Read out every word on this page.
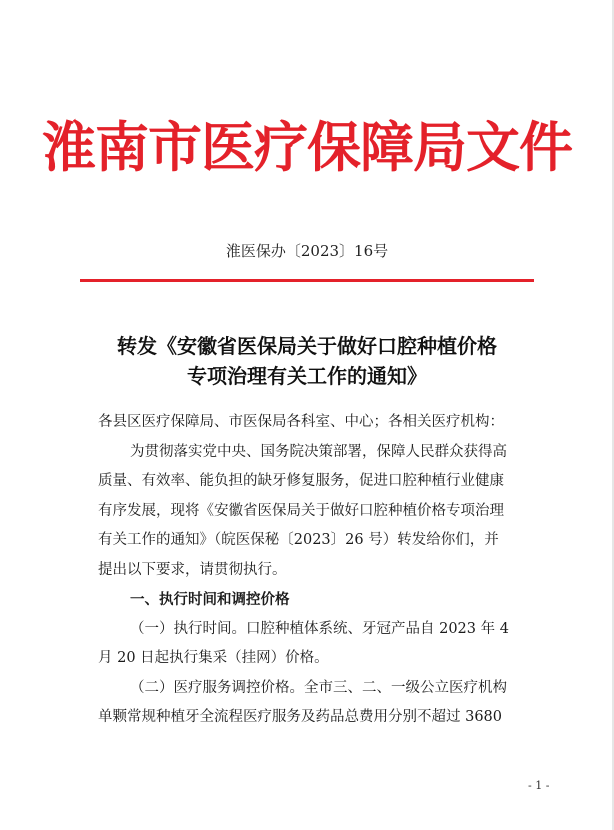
淮南市医疗保障局文件
淮医保办〔2023〕16号
转发《安徽省医保局关于做好口腔种植价格
专项治理有关工作的通知》

各县区医疗保障局、市医保局各科室、中心；各相关医疗机构：

为贯彻落实党中央、国务院决策部署，保障人民群众获得高

质量、有效率、能负担的缺牙修复服务，促进口腔种植行业健康

有序发展，现将《安徽省医保局关于做好口腔种植价格专项治理

有关工作的通知》（皖医保秘〔2023〕26 号）转发给你们，并

提出以下要求，请贯彻执行。

一、执行时间和调控价格

（一）执行时间。口腔种植体系统、牙冠产品自 2023 年 4

月 20 日起执行集采（挂网）价格。

（二）医疗服务调控价格。全市三、二、一级公立医疗机构

单颗常规种植牙全流程医疗服务及药品总费用分别不超过 3680

- 1 -
